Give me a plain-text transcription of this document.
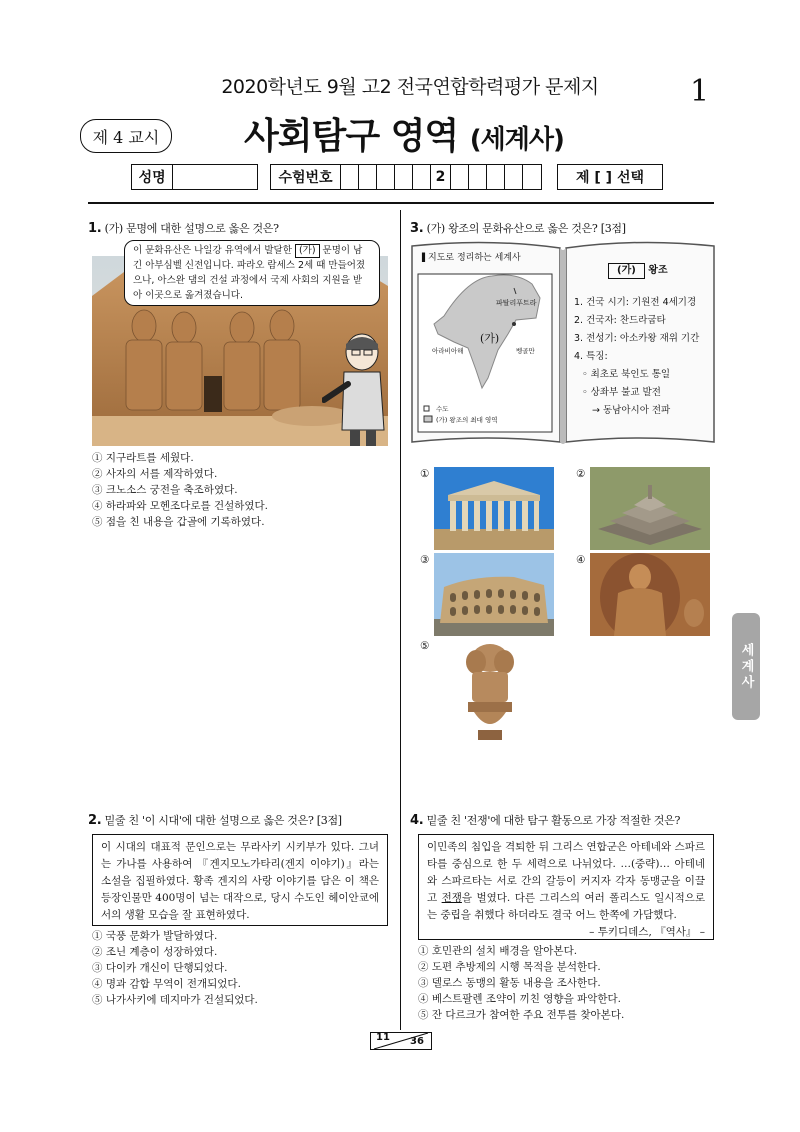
2020학년도 9월 고2 전국연합학력평가 문제지	1
제 4 교시	사회탐구 영역 (세계사)
성명	수험번호	2	제 [ ] 선택
1. (가) 문명에 대한 설명으로 옳은 것은?
이 문화유산은 나일강 유역에서 발달한 (가) 문명이 남긴 아부심벨 신전입니다. 파라오 람세스 2세 때 만들어졌으나, 아스완 댐의 건설 과정에서 국제 사회의 지원을 받아 이곳으로 옮겨졌습니다.
① 지구라트를 세웠다.
② 사자의 서를 제작하였다.
③ 크노소스 궁전을 축조하였다.
④ 하라파와 모헨조다로를 건설하였다.
⑤ 점을 친 내용을 갑골에 기록하였다.
2. 밑줄 친 '이 시대'에 대한 설명으로 옳은 것은? [3점]
이 시대의 대표적 문인으로는 무라사키 시키부가 있다. 그녀는 가나를 사용하여 『겐지모노가타리(겐지 이야기)』라는 소설을 집필하였다. 황족 겐지의 사랑 이야기를 담은 이 책은 등장인물만 400명이 넘는 대작으로, 당시 수도인 헤이안쿄에서의 생활 모습을 잘 표현하였다.
① 국풍 문화가 발달하였다.
② 조닌 계층이 성장하였다.
③ 다이카 개신이 단행되었다.
④ 명과 감합 무역이 전개되었다.
⑤ 나가사키에 데지마가 건설되었다.
3. (가) 왕조의 문화유산으로 옳은 것은? [3점]
▌ 지도로 정리하는 세계사
파탈리푸트라
(가)
아라비아해	벵골만
수도
(가) 왕조의 최대 영역
(가) 왕조
1. 건국 시기: 기원전 4세기경
2. 건국자: 찬드라굽타
3. 전성기: 아소카왕 재위 기간
4. 특징:
◦ 최초로 북인도 통일
◦ 상좌부 불교 발전
→ 동남아시아 전파
①	②
③	④
⑤
4. 밑줄 친 '전쟁'에 대한 탐구 활동으로 가장 적절한 것은?
이민족의 침입을 격퇴한 뒤 그리스 연합군은 아테네와 스파르타를 중심으로 한 두 세력으로 나뉘었다. …(중략)… 아테네와 스파르타는 서로 간의 갈등이 커지자 각자 동맹군을 이끌고 전쟁을 벌였다. 다른 그리스의 여러 폴리스도 일시적으로는 중립을 취했다 하더라도 결국 어느 한쪽에 가담했다.
– 투키디데스, 『역사』 –
① 호민관의 설치 배경을 알아본다.
② 도편 추방제의 시행 목적을 분석한다.
③ 델로스 동맹의 활동 내용을 조사한다.
④ 베스트팔렌 조약이 끼친 영향을 파악한다.
⑤ 잔 다르크가 참여한 주요 전투를 찾아본다.
세계사
11 36
